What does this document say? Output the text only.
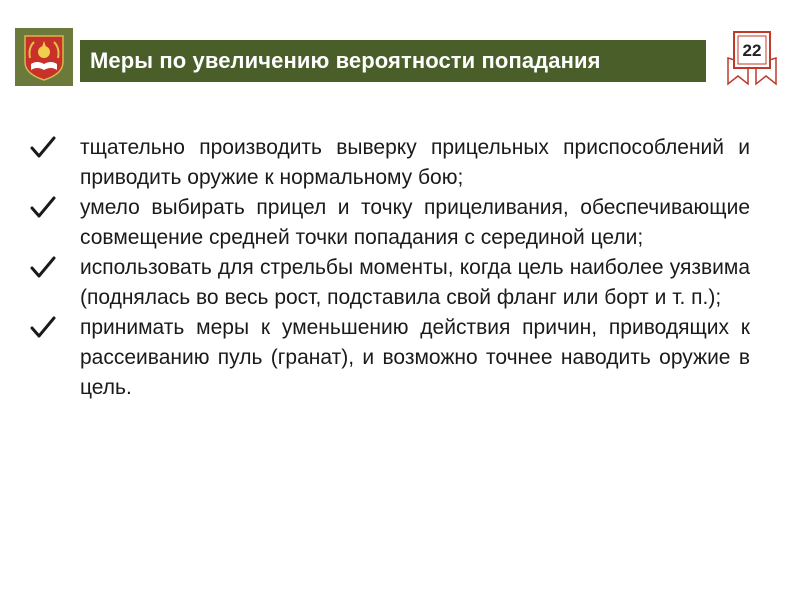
Меры по увеличению вероятности попадания	22
тщательно производить выверку прицельных приспособлений и приводить оружие к нормальному бою;
умело выбирать прицел и точку прицеливания, обеспечивающие совмещение средней точки попадания с серединой цели;
использовать для стрельбы моменты, когда цель наиболее уязвима (поднялась во весь рост, подставила свой фланг или борт и т. п.);
принимать меры к уменьшению действия причин, приводящих к рассеиванию пуль (гранат), и возможно точнее наводить оружие в цель.
